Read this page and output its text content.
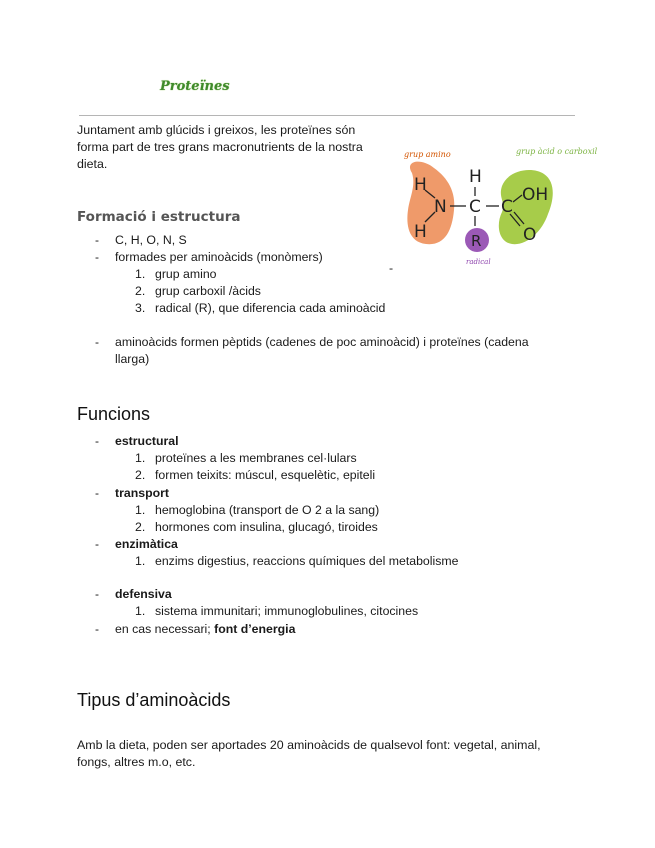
Proteïnes
Juntament amb glúcids i greixos, les proteïnes són forma part de tres grans macronutrients de la nostra dieta.
grup amino	grup àcid o carboxil
radical
H
N
H
H
C C
OH
O
R
-
Formació i estructura
- C, H, O, N, S
- formades per aminoàcids (monòmers)
1. grup amino
2. grup carboxil /àcids
3. radical (R), que diferencia cada aminoàcid
- aminoàcids formen pèptids (cadenes de poc aminoàcid) i proteïnes (cadena llarga)
Funcions
- estructural
1. proteïnes a les membranes cel·lulars
2. formen teixits: múscul, esquelètic, epiteli
- transport
1. hemoglobina (transport de O 2 a la sang)
2. hormones com insulina, glucagó, tiroides
- enzimàtica
1. enzims digestius, reaccions químiques del metabolisme
- defensiva
1. sistema immunitari; immunoglobulines, citocines
- en cas necessari; font d’energia
Tipus d’aminoàcids
Amb la dieta, poden ser aportades 20 aminoàcids de qualsevol font: vegetal, animal, fongs, altres m.o, etc.
